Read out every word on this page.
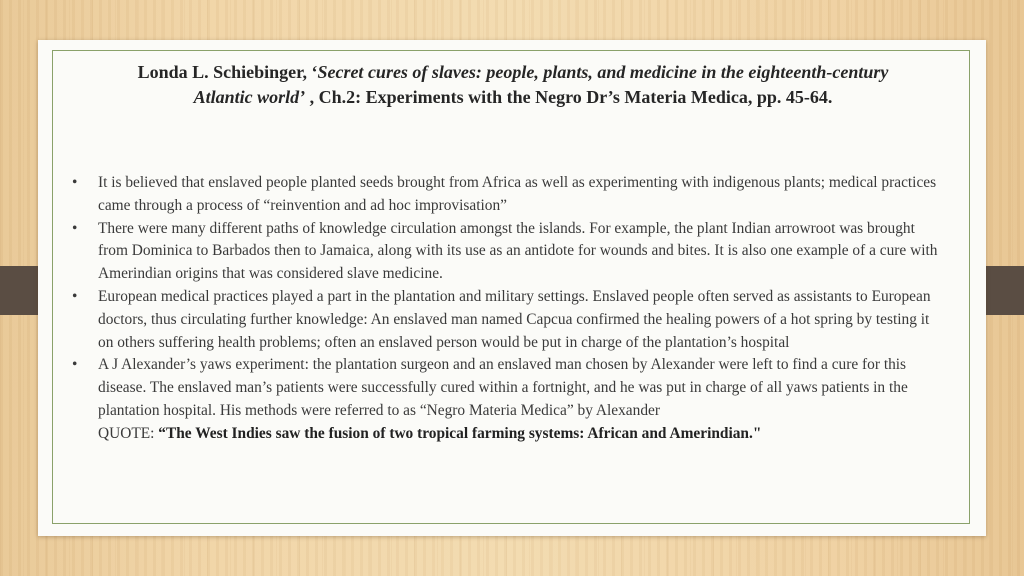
Londa L. Schiebinger, ‘Secret cures of slaves: people, plants, and medicine in the eighteenth-century Atlantic world’ , Ch.2: Experiments with the Negro Dr’s Materia Medica, pp. 45-64.
• It is believed that enslaved people planted seeds brought from Africa as well as experimenting with indigenous plants; medical practices came through a process of “reinvention and ad hoc improvisation”
• There were many different paths of knowledge circulation amongst the islands. For example, the plant Indian arrowroot was brought from Dominica to Barbados then to Jamaica, along with its use as an antidote for wounds and bites. It is also one example of a cure with Amerindian origins that was considered slave medicine.
• European medical practices played a part in the plantation and military settings. Enslaved people often served as assistants to European doctors, thus circulating further knowledge: An enslaved man named Capcua confirmed the healing powers of a hot spring by testing it on others suffering health problems; often an enslaved person would be put in charge of the plantation’s hospital
• A J Alexander’s yaws experiment: the plantation surgeon and an enslaved man chosen by Alexander were left to find a cure for this disease. The enslaved man’s patients were successfully cured within a fortnight, and he was put in charge of all yaws patients in the plantation hospital. His methods were referred to as “Negro Materia Medica” by Alexander
QUOTE: “The West Indies saw the fusion of two tropical farming systems: African and Amerindian."
